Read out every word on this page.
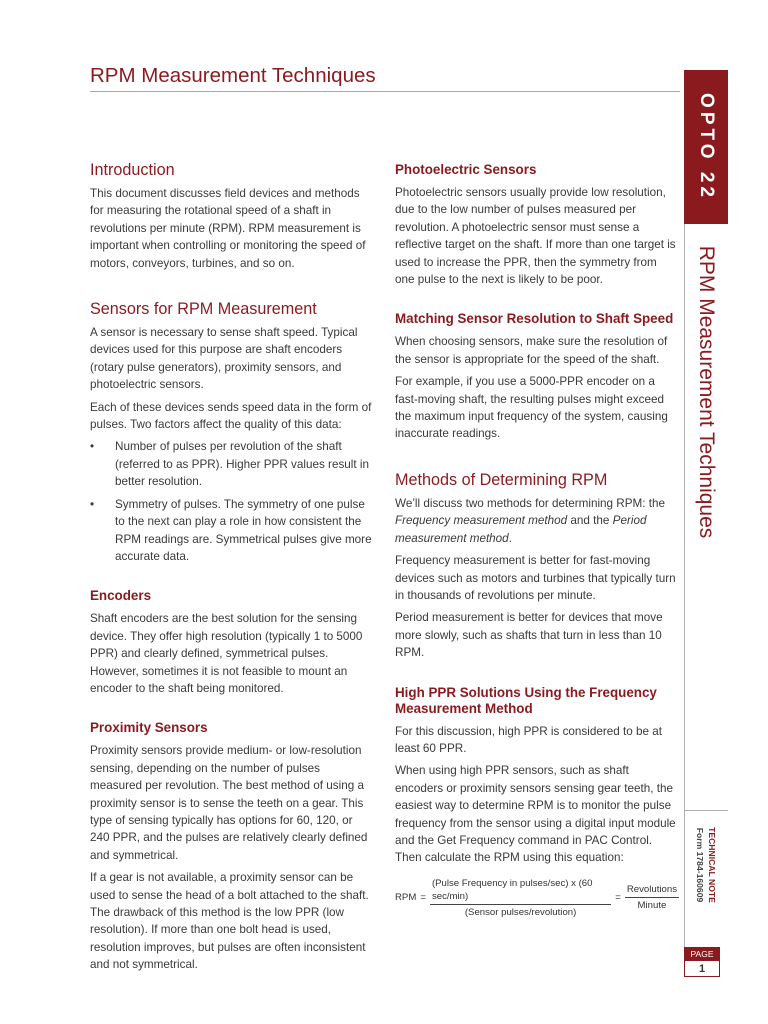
RPM Measurement Techniques
Introduction

This document discusses field devices and methods for measuring the rotational speed of a shaft in revolutions per minute (RPM). RPM measurement is important when controlling or monitoring the speed of motors, conveyors, turbines, and so on.

Sensors for RPM Measurement

A sensor is necessary to sense shaft speed. Typical devices used for this purpose are shaft encoders (rotary pulse generators), proximity sensors, and photoelectric sensors.

Each of these devices sends speed data in the form of pulses. Two factors affect the quality of this data:

• Number of pulses per revolution of the shaft (referred to as PPR). Higher PPR values result in better resolution.
• Symmetry of pulses. The symmetry of one pulse to the next can play a role in how consistent the RPM readings are. Symmetrical pulses give more accurate data.
Encoders

Shaft encoders are the best solution for the sensing device. They offer high resolution (typically 1 to 5000 PPR) and clearly defined, symmetrical pulses. However, sometimes it is not feasible to mount an encoder to the shaft being monitored.

Proximity Sensors

Proximity sensors provide medium- or low-resolution sensing, depending on the number of pulses measured per revolution. The best method of using a proximity sensor is to sense the teeth on a gear. This type of sensing typically has options for 60, 120, or 240 PPR, and the pulses are relatively clearly defined and symmetrical.

If a gear is not available, a proximity sensor can be used to sense the head of a bolt attached to the shaft. The drawback of this method is the low PPR (low resolution). If more than one bolt head is used, resolution improves, but pulses are often inconsistent and not symmetrical.

Photoelectric Sensors

Photoelectric sensors usually provide low resolution, due to the low number of pulses measured per revolution. A photoelectric sensor must sense a reflective target on the shaft. If more than one target is used to increase the PPR, then the symmetry from one pulse to the next is likely to be poor.

Matching Sensor Resolution to Shaft Speed

When choosing sensors, make sure the resolution of the sensor is appropriate for the speed of the shaft.

For example, if you use a 5000-PPR encoder on a fast-moving shaft, the resulting pulses might exceed the maximum input frequency of the system, causing inaccurate readings.

Methods of Determining RPM

We’ll discuss two methods for determining RPM: the Frequency measurement method and the Period measurement method.

Frequency measurement is better for fast-moving devices such as motors and turbines that typically turn in thousands of revolutions per minute.

Period measurement is better for devices that move more slowly, such as shafts that turn in less than 10 RPM.

High PPR Solutions Using the Frequency Measurement Method

For this discussion, high PPR is considered to be at least 60 PPR.

When using high PPR sensors, such as shaft encoders or proximity sensors sensing gear teeth, the easiest way to determine RPM is to monitor the pulse frequency from the sensor using a digital input module and the Get Frequency command in PAC Control. Then calculate the RPM using this equation:

RPM = $\frac{\text{(Pulse Frequency in pulses/sec) x (60 sec/min)}}{\text{(Sensor pulses/revolution)}} = \frac{\text{Revolutions}}{\text{Minute}}$
RPM Measurement Techniques
TECHNICAL NOTE
Form 1784-160609
PAGE
1
